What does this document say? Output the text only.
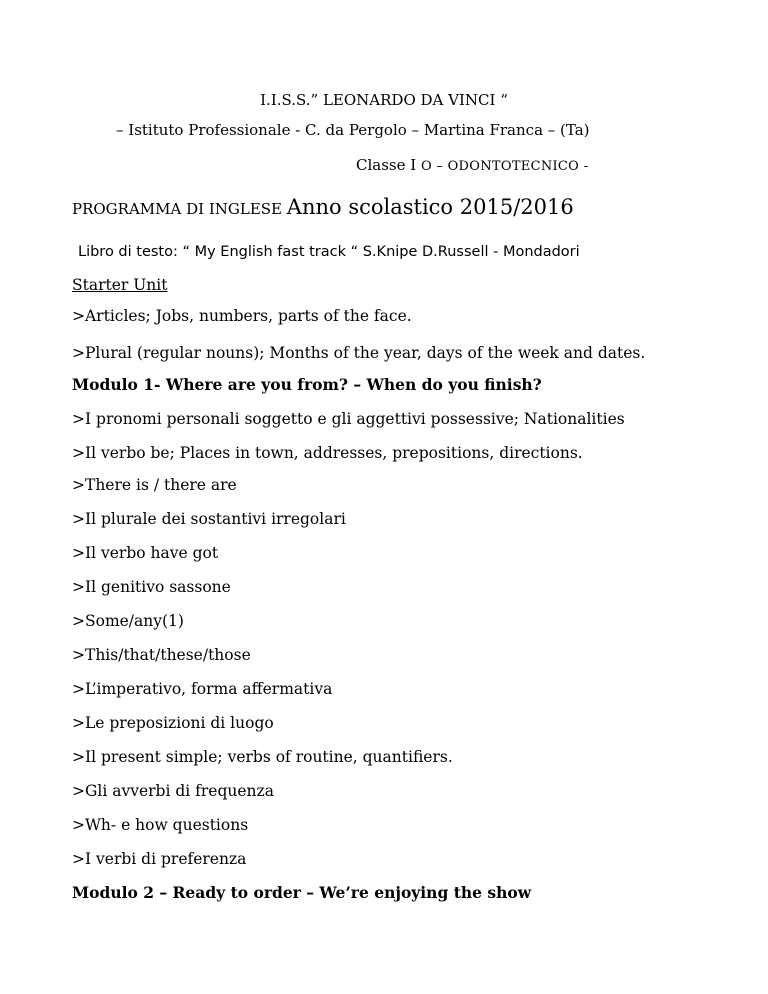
I.I.S.S.” LEONARDO DA VINCI “
– Istituto Professionale - C. da Pergolo – Martina Franca – (Ta)
Classe I O – ODONTOTECNICO -
PROGRAMMA DI INGLESE Anno scolastico 2015/2016
Libro di testo: “ My English fast track “ S.Knipe D.Russell - Mondadori
Starter Unit
>Articles; Jobs, numbers, parts of the face.
>Plural (regular nouns); Months of the year, days of the week and dates.
Modulo 1- Where are you from? – When do you finish?
>I pronomi personali soggetto e gli aggettivi possessive; Nationalities
>Il verbo be; Places in town, addresses, prepositions, directions.
>There is / there are
>Il plurale dei sostantivi irregolari
>Il verbo have got
>Il genitivo sassone
>Some/any(1)
>This/that/these/those
>L’imperativo, forma affermativa
>Le preposizioni di luogo
>Il present simple; verbs of routine, quantifiers.
>Gli avverbi di frequenza
>Wh- e how questions
>I verbi di preferenza
Modulo 2 – Ready to order – We’re enjoying the show
